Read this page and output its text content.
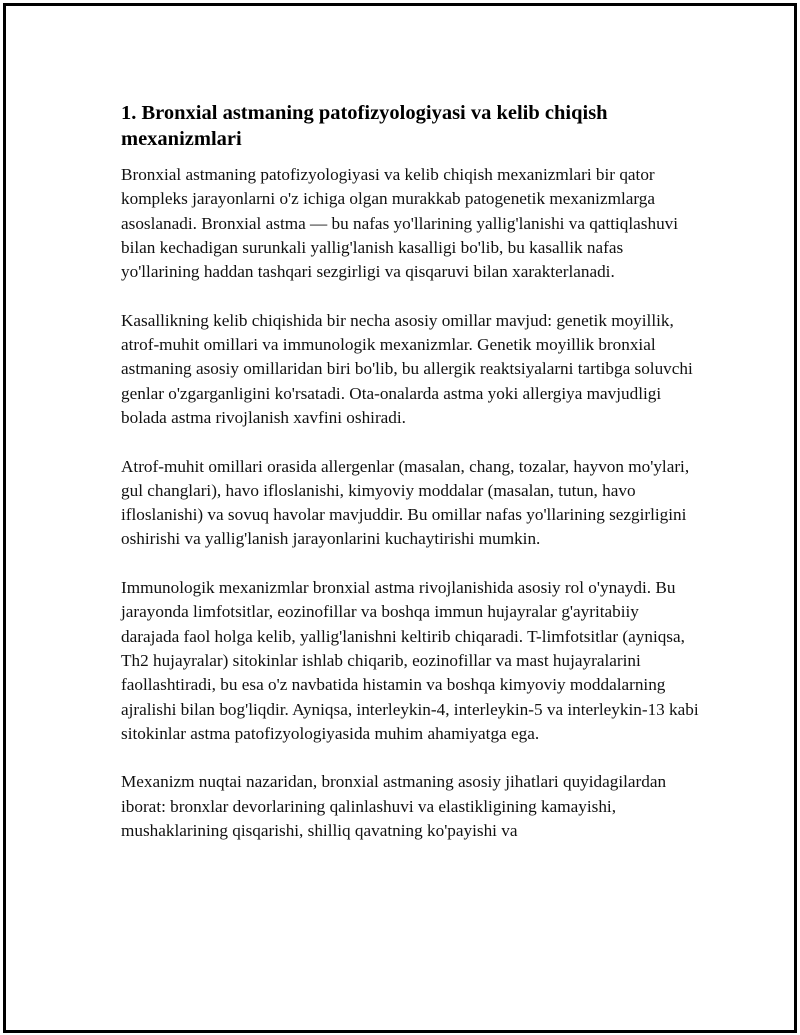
1. Bronxial astmaning patofizyologiyasi va kelib chiqish mexanizmlari

Bronxial astmaning patofizyologiyasi va kelib chiqish mexanizmlari bir qator kompleks jarayonlarni o'z ichiga olgan murakkab patogenetik mexanizmlarga asoslanadi. Bronxial astma — bu nafas yo'llarining yallig'lanishi va qattiqlashuvi bilan kechadigan surunkali yallig'lanish kasalligi bo'lib, bu kasallik nafas yo'llarining haddan tashqari sezgirligi va qisqaruvi bilan xarakterlanadi.

Kasallikning kelib chiqishida bir necha asosiy omillar mavjud: genetik moyillik, atrof-muhit omillari va immunologik mexanizmlar. Genetik moyillik bronxial astmaning asosiy omillaridan biri bo'lib, bu allergik reaktsiyalarni tartibga soluvchi genlar o'zgarganligini ko'rsatadi. Ota-onalarda astma yoki allergiya mavjudligi bolada astma rivojlanish xavfini oshiradi.

Atrof-muhit omillari orasida allergenlar (masalan, chang, tozalar, hayvon mo'ylari, gul changlari), havo ifloslanishi, kimyoviy moddalar (masalan, tutun, havo ifloslanishi) va sovuq havolar mavjuddir. Bu omillar nafas yo'llarining sezgirligini oshirishi va yallig'lanish jarayonlarini kuchaytirishi mumkin.

Immunologik mexanizmlar bronxial astma rivojlanishida asosiy rol o'ynaydi. Bu jarayonda limfotsitlar, eozinofillar va boshqa immun hujayralar g'ayritabiiy darajada faol holga kelib, yallig'lanishni keltirib chiqaradi. T-limfotsitlar (ayniqsa, Th2 hujayralar) sitokinlar ishlab chiqarib, eozinofillar va mast hujayralarini faollashtiradi, bu esa o'z navbatida histamin va boshqa kimyoviy moddalarning ajralishi bilan bog'liqdir. Ayniqsa, interleykin-4, interleykin-5 va interleykin-13 kabi sitokinlar astma patofizyologiyasida muhim ahamiyatga ega.

Mexanizm nuqtai nazaridan, bronxial astmaning asosiy jihatlari quyidagilardan iborat: bronxlar devorlarining qalinlashuvi va elastikligining kamayishi, mushaklarining qisqarishi, shilliq qavatning ko'payishi va
